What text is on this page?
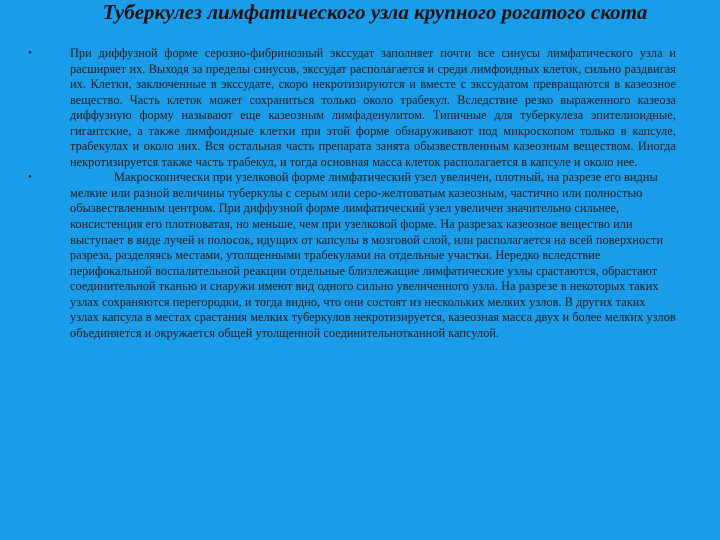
Туберкулез лимфатического узла крупного рогатого скота
•	При диффузной форме серозно-фибринозный экссудат заполняет почти все синусы лимфатического узла и расширяет их. Выходя за пределы синусов, экссудат располагается и среди лимфоидных клеток, сильно раздвигая их. Клетки, заключенные в экссудате, скоро некротизируются и вместе с экссудатом превращаются в казеозное вещество. Часть клеток может сохраниться только около трабекул. Вследствие резко выраженного казеоза диффузную форму называют еще казеозным лимфаденулитом. Типичные для туберкулеза эпителиоидные, гигантские, а также лимфоидные клетки при этой форме обнаруживают под микроскопом только в капсуле, трабекулах и около них. Вся остальная часть препарата занята обызвествленным казеозным веществом. Иногда некротизируется также часть трабекул, и тогда основная масса клеток располагается в капсуле и около нее.
•	Макроскопически при узелковой форме лимфатический узел увеличен, плотный, на разрезе его видны мелкие или разной величины туберкулы с серым или серо-желтоватым казеозным, частично или полностью обызвествленным центром. При диффузной форме лимфатический узел увеличен значительно сильнее, консистенция его плотноватая, но меньше, чем при узелковой форме. На разрезах казеозное вещество или выступает в виде лучей и полосок, идущих от капсулы в мозговой слой, или располагается на всей поверхности разреза, разделяясь местами, утолщенными трабекулами на отдельные участки. Нередко вследствие перифокальной воспалительной реакции отдельные близлежащие лимфатические узлы срастаются, обрастают соединительной тканью и снаружи имеют вид одного сильно увеличенного узла. На разрезе в некоторых таких узлах сохраняются перегородки, и тогда видно, что они состоят из нескольких мелких узлов. В других таких узлах капсула в местах срастания мелких туберкулов некротизируется, казеозная масса двух и более мелких узлов объединяется и окружается общей утолщенной соединительнотканной капсулой.
